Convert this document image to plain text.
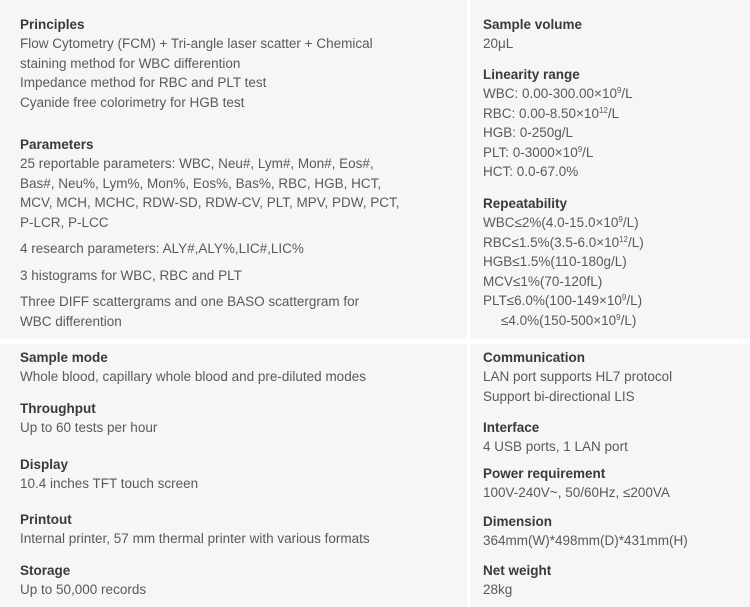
Principles

Flow Cytometry (FCM) + Tri-angle laser scatter + Chemical

staining method for WBC differention

Impedance method for RBC and PLT test

Cyanide free colorimetry for HGB test

Parameters

25 reportable parameters: WBC, Neu#, Lym#, Mon#, Eos#,

Bas#, Neu%, Lym%, Mon%, Eos%, Bas%, RBC, HGB, HCT,

MCV, MCH, MCHC, RDW-SD, RDW-CV, PLT, MPV, PDW, PCT,

P-LCR, P-LCC

4 research parameters: ALY#,ALY%,LIC#,LIC%

3 histograms for WBC, RBC and PLT

Three DIFF scattergrams and one BASO scattergram for

WBC differention

Sample volume

20μL

Linearity range

WBC: $0.00-300.00\times 10^9/L$

RBC: $0.00-8.50\times 10^{12}/L$

HGB: 0-250g/L

PLT: $0-3000\times 10^9/L$

HCT: 0.0-67.0%

Repeatability

$WBC\le 2\%(4.0-15.0\times 10^9/L)$

$RBC\le 1.5\%(3.5-6.0\times 10^{12}/L)$

HGB≤1.5%(110-180g/L)

MCV≤1%(70-120fL)

$PLT\le 6.0\%(100-149\times 10^9/L)$

$\le 4.0\%(150-500\times 10^9/L)$

Sample mode

Whole blood, capillary whole blood and pre-diluted modes

Throughput

Up to 60 tests per hour

Display

10.4 inches TFT touch screen

Printout

Internal printer, 57 mm thermal printer with various formats

Storage

Up to 50,000 records

Communication

LAN port supports HL7 protocol

Support bi-directional LIS

Interface

4 USB ports, 1 LAN port

Power requirement

100V-240V~, 50/60Hz, ≤200VA

Dimension

364mm(W)*498mm(D)*431mm(H)

Net weight

28kg
